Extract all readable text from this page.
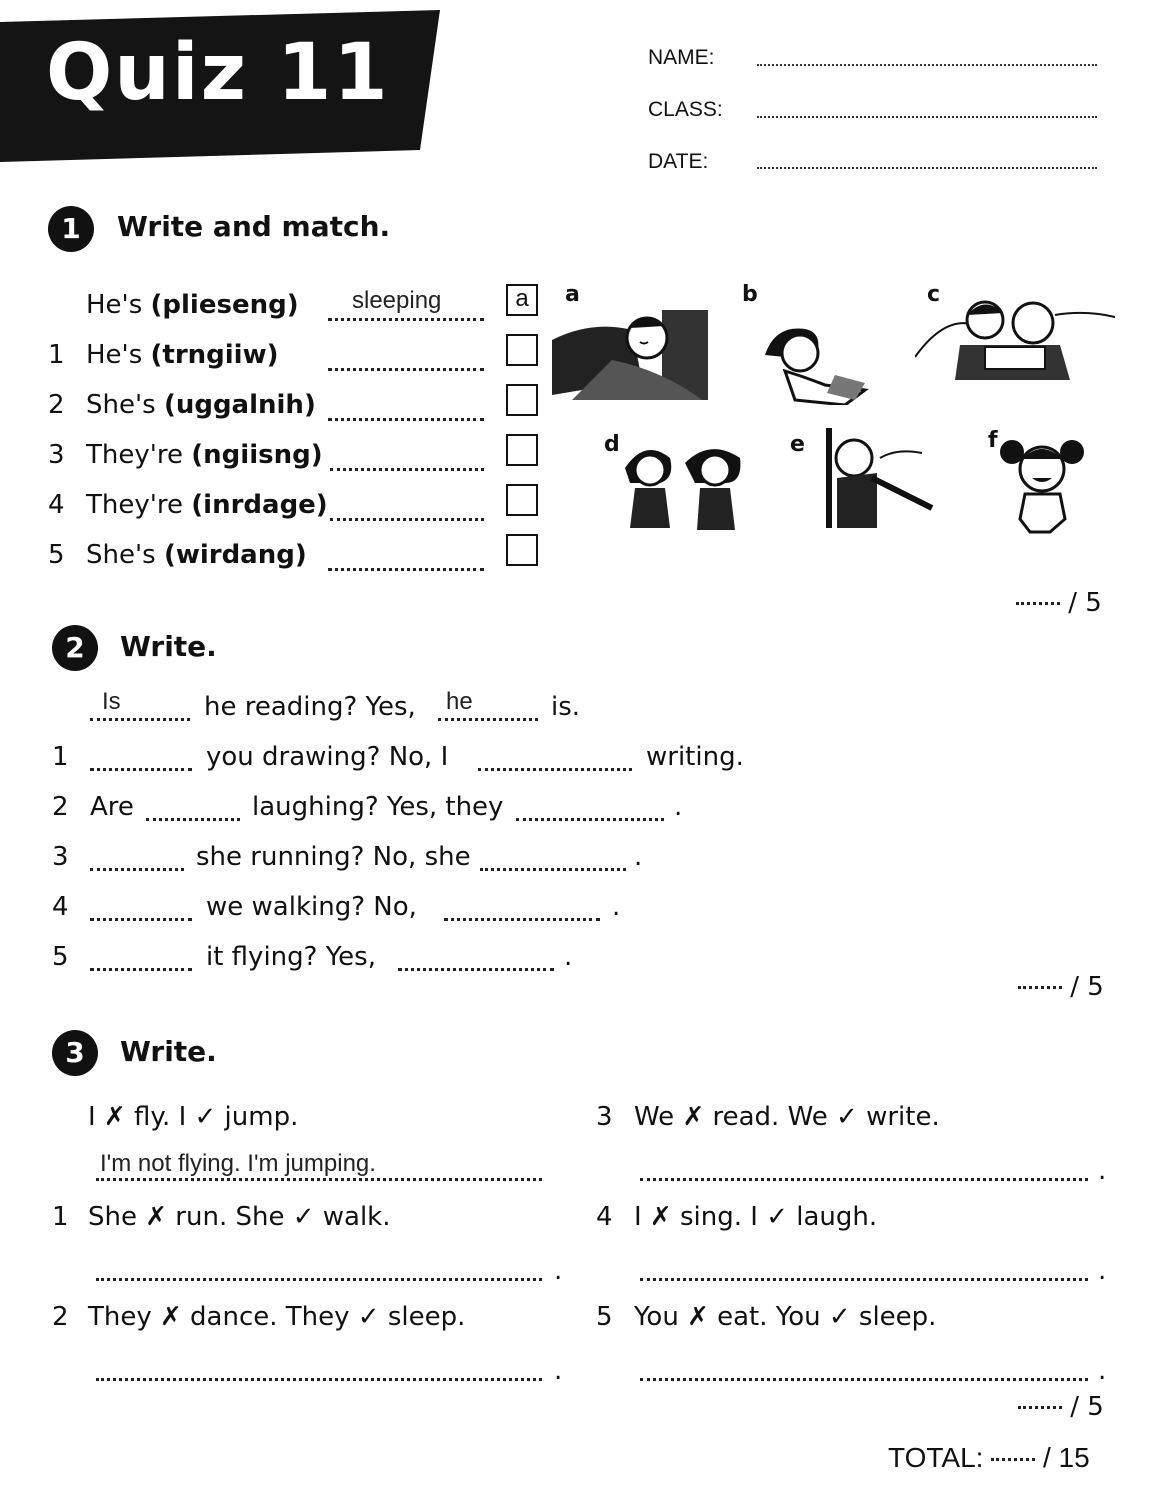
Quiz 11	NAME:
CLASS:
DATE:
1	Write and match.
He's (plieseng) sleeping	a
1 He's (trngiiw)
2 She's (uggalnih)
3 They're (ngiisng)
4 They're (inrdage)
5 She's (wirdang)
a	b	c
d	e	f
/ 5
2	Write.
Is	he reading? Yes, he	is.
1	you drawing? No, I	writing.
2 Are	laughing? Yes, they	.
3	she running? No, she	.
4	we walking? No,	.
5	it flying? Yes,	.
/ 5
3	Write.
I ✗ fly. I ✓ jump.
I'm not flying. I'm jumping.
1 She ✗ run. She ✓ walk.
.
2 They ✗ dance. They ✓ sleep.
.
3 We ✗ read. We ✓ write.
.
4 I ✗ sing. I ✓ laugh.
.
5 You ✗ eat. You ✓ sleep.
.
/ 5
TOTAL: / 15
